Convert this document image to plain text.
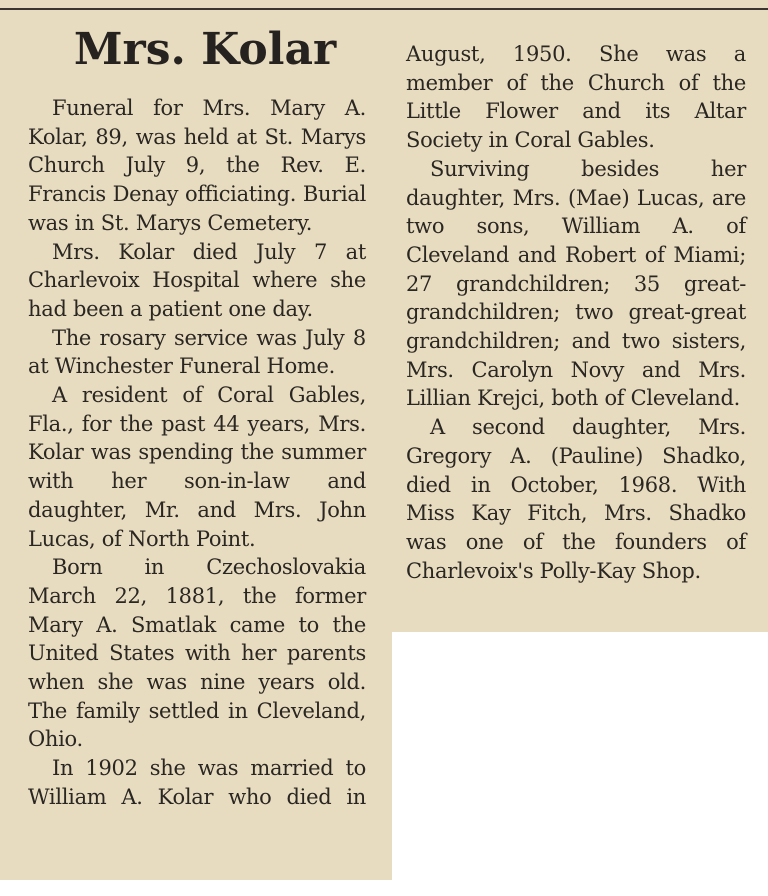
Mrs. Kolar

Funeral for Mrs. Mary A. Kolar, 89, was held at St. Marys Church July 9, the Rev. E. Francis Denay officiating. Burial was in St. Marys Cemetery.

Mrs. Kolar died July 7 at Charlevoix Hospital where she had been a patient one day.

The rosary service was July 8 at Winchester Funeral Home.

A resident of Coral Gables, Fla., for the past 44 years, Mrs. Kolar was spending the summer with her son-in-law and daughter, Mr. and Mrs. John Lucas, of North Point.

Born in Czechoslovakia March 22, 1881, the former Mary A. Smatlak came to the United States with her parents when she was nine years old. The family settled in Cleveland, Ohio.

In 1902 she was married to William A. Kolar who died in

August, 1950. She was a member of the Church of the Little Flower and its Altar Society in Coral Gables.

Surviving besides her daughter, Mrs. (Mae) Lucas, are two sons, William A. of Cleveland and Robert of Miami; 27 grandchildren; 35 great-grandchildren; two great-great grandchildren; and two sisters, Mrs. Carolyn Novy and Mrs. Lillian Krejci, both of Cleveland.

A second daughter, Mrs. Gregory A. (Pauline) Shadko, died in October, 1968. With Miss Kay Fitch, Mrs. Shadko was one of the founders of Charlevoix's Polly-Kay Shop.
